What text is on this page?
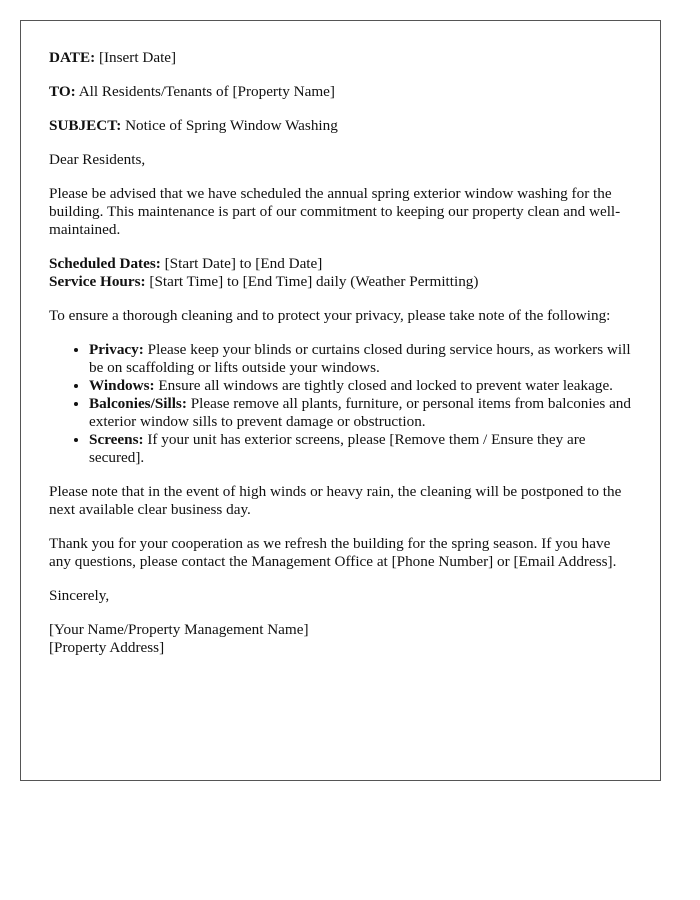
DATE: [Insert Date]

TO: All Residents/Tenants of [Property Name]

SUBJECT: Notice of Spring Window Washing

Dear Residents,

Please be advised that we have scheduled the annual spring exterior window washing for the building. This maintenance is part of our commitment to keeping our property clean and well-maintained.

Scheduled Dates: [Start Date] to [End Date]
Service Hours: [Start Time] to [End Time] daily (Weather Permitting)

To ensure a thorough cleaning and to protect your privacy, please take note of the following:

• Privacy: Please keep your blinds or curtains closed during service hours, as workers will be on scaffolding or lifts outside your windows.
• Windows: Ensure all windows are tightly closed and locked to prevent water leakage.
• Balconies/Sills: Please remove all plants, furniture, or personal items from balconies and exterior window sills to prevent damage or obstruction.
• Screens: If your unit has exterior screens, please [Remove them / Ensure they are secured].

Please note that in the event of high winds or heavy rain, the cleaning will be postponed to the next available clear business day.

Thank you for your cooperation as we refresh the building for the spring season. If you have any questions, please contact the Management Office at [Phone Number] or [Email Address].

Sincerely,

[Your Name/Property Management Name]
[Property Address]
